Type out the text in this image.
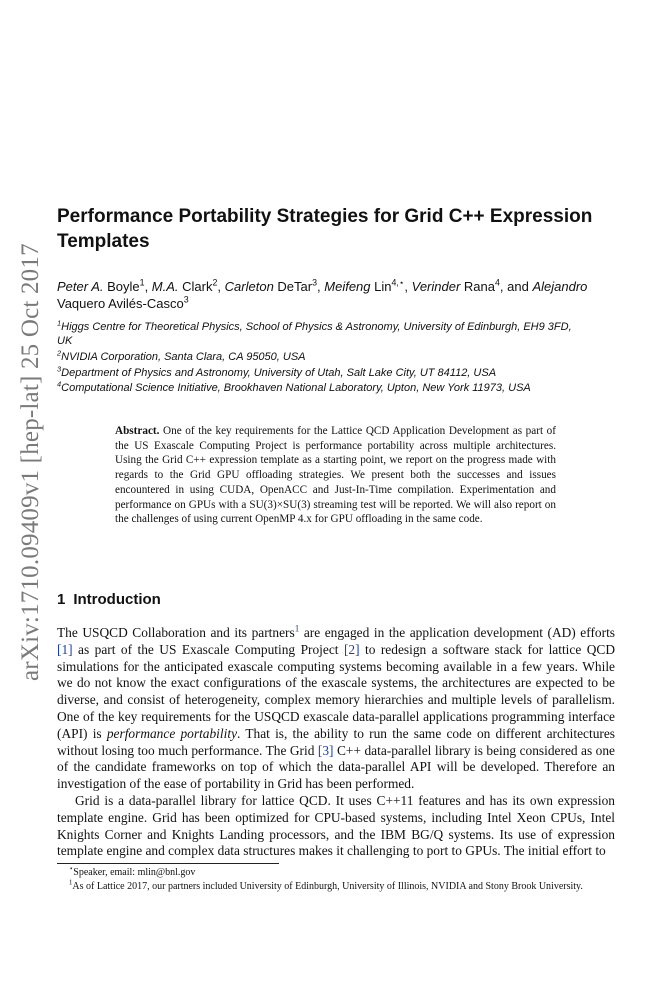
arXiv:1710.09409v1 [hep-lat] 25 Oct 2017
Performance Portability Strategies for Grid C++ Expression Templates
Peter A. Boyle$^1$, M.A. Clark$^2$, Carleton DeTar$^3$, Meifeng Lin$^{4,⋆}$, Verinder Rana$^4$, and Alejandro
Vaquero Avilés-Casco$^3$
$^1$Higgs Centre for Theoretical Physics, School of Physics & Astronomy, University of Edinburgh, EH9 3FD,
UK
$^2$NVIDIA Corporation, Santa Clara, CA 95050, USA
$^3$Department of Physics and Astronomy, University of Utah, Salt Lake City, UT 84112, USA
$^4$Computational Science Initiative, Brookhaven National Laboratory, Upton, New York 11973, USA
Abstract. One of the key requirements for the Lattice QCD Application Development as part of the US Exascale Computing Project is performance portability across multiple architectures. Using the Grid C++ expression template as a starting point, we report on the progress made with regards to the Grid GPU offloading strategies. We present both the successes and issues encountered in using CUDA, OpenACC and Just-In-Time compilation. Experimentation and performance on GPUs with a SU(3)×SU(3) streaming test will be reported. We will also report on the challenges of using current OpenMP 4.x for GPU offloading in the same code.
1 Introduction

The USQCD Collaboration and its partners$^1$ are engaged in the application development (AD) efforts [1] as part of the US Exascale Computing Project [2] to redesign a software stack for lattice QCD simulations for the anticipated exascale computing systems becoming available in a few years. While we do not know the exact configurations of the exascale systems, the architectures are expected to be diverse, and consist of heterogeneity, complex memory hierarchies and multiple levels of parallelism. One of the key requirements for the USQCD exascale data-parallel applications programming interface (API) is performance portability. That is, the ability to run the same code on different architectures without losing too much performance. The Grid [3] C++ data-parallel library is being considered as one of the candidate frameworks on top of which the data-parallel API will be developed. Therefore an investigation of the ease of portability in Grid has been performed.

Grid is a data-parallel library for lattice QCD. It uses C++11 features and has its own expression template engine. Grid has been optimized for CPU-based systems, including Intel Xeon CPUs, Intel Knights Corner and Knights Landing processors, and the IBM BG/Q systems. Its use of expression template engine and complex data structures makes it challenging to port to GPUs. The initial effort to

⋆Speaker, email: mlin@bnl.gov
$^1$As of Lattice 2017, our partners included University of Edinburgh, University of Illinois, NVIDIA and Stony Brook University.
